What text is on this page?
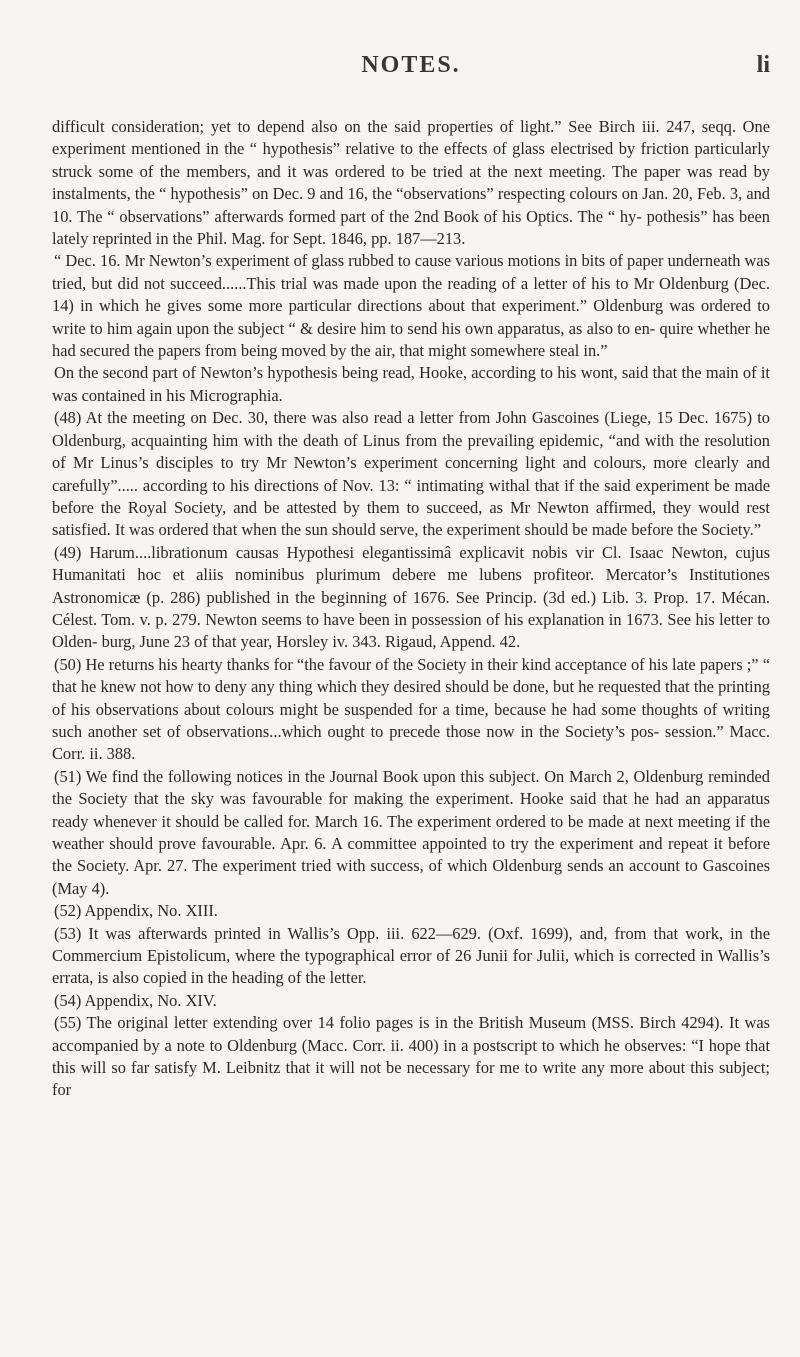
NOTES.	li

difficult consideration; yet to depend also on the said properties of light.” See Birch iii. 247, seqq. One experiment mentioned in the “ hypothesis” relative to the effects of glass electrised by friction particularly struck some of the members, and it was ordered to be tried at the next meeting. The paper was read by instalments, the “ hypothesis” on Dec. 9 and 16, the “observations” respecting colours on Jan. 20, Feb. 3, and 10. The “ observations” afterwards formed part of the 2nd Book of his Optics. The “ hy- pothesis” has been lately reprinted in the Phil. Mag. for Sept. 1846, pp. 187—213.

“ Dec. 16. Mr Newton’s experiment of glass rubbed to cause various motions in bits of paper underneath was tried, but did not succeed......This trial was made upon the reading of a letter of his to Mr Oldenburg (Dec. 14) in which he gives some more particular directions about that experiment.” Oldenburg was ordered to write to him again upon the subject “ & desire him to send his own apparatus, as also to en- quire whether he had secured the papers from being moved by the air, that might somewhere steal in.”

On the second part of Newton’s hypothesis being read, Hooke, according to his wont, said that the main of it was contained in his Micrographia.

(48) At the meeting on Dec. 30, there was also read a letter from John Gascoines (Liege, 15 Dec. 1675) to Oldenburg, acquainting him with the death of Linus from the prevailing epidemic, “and with the resolution of Mr Linus’s disciples to try Mr Newton’s experiment concerning light and colours, more clearly and carefully”..... according to his directions of Nov. 13: “ intimating withal that if the said experiment be made before the Royal Society, and be attested by them to succeed, as Mr Newton affirmed, they would rest satisfied. It was ordered that when the sun should serve, the experiment should be made before the Society.”

(49) Harum....librationum causas Hypothesi elegantissimâ explicavit nobis vir Cl. Isaac Newton, cujus Humanitati hoc et aliis nominibus plurimum debere me lubens profiteor. Mercator’s Institutiones Astronomicæ (p. 286) published in the beginning of 1676. See Princip. (3d ed.) Lib. 3. Prop. 17. Mécan. Célest. Tom. v. p. 279. Newton seems to have been in possession of his explanation in 1673. See his letter to Olden- burg, June 23 of that year, Horsley iv. 343. Rigaud, Append. 42.

(50) He returns his hearty thanks for “the favour of the Society in their kind acceptance of his late papers ;” “ that he knew not how to deny any thing which they desired should be done, but he requested that the printing of his observations about colours might be suspended for a time, because he had some thoughts of writing such another set of observations...which ought to precede those now in the Society’s pos- session.” Macc. Corr. ii. 388.

(51) We find the following notices in the Journal Book upon this subject. On March 2, Oldenburg reminded the Society that the sky was favourable for making the experiment. Hooke said that he had an apparatus ready whenever it should be called for. March 16. The experiment ordered to be made at next meeting if the weather should prove favourable. Apr. 6. A committee appointed to try the experiment and repeat it before the Society. Apr. 27. The experiment tried with success, of which Oldenburg sends an account to Gascoines (May 4).

(52) Appendix, No. XIII.

(53) It was afterwards printed in Wallis’s Opp. iii. 622—629. (Oxf. 1699), and, from that work, in the Commercium Epistolicum, where the typographical error of 26 Junii for Julii, which is corrected in Wallis’s errata, is also copied in the heading of the letter.

(54) Appendix, No. XIV.

(55) The original letter extending over 14 folio pages is in the British Museum (MSS. Birch 4294). It was accompanied by a note to Oldenburg (Macc. Corr. ii. 400) in a postscript to which he observes: “I hope that this will so far satisfy M. Leibnitz that it will not be necessary for me to write any more about this subject; for
